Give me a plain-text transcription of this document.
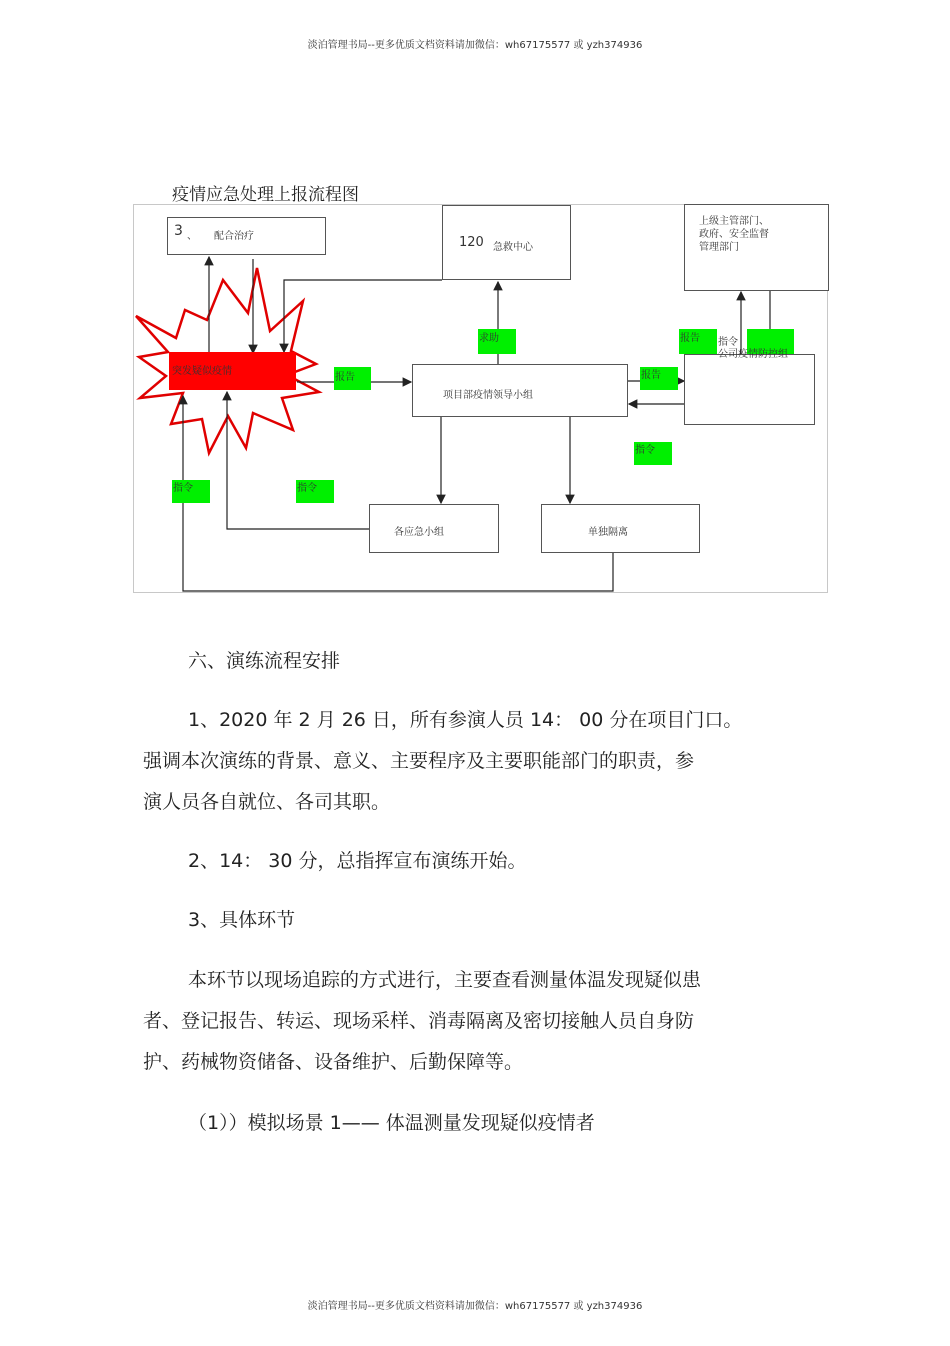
淡泊管理书局--更多优质文档资料请加微信：wh67175577 或 yzh374936
疫情应急处理上报流程图
3 、 配合治疗	120 急救中心
上级主管部门、
政府、安全监督
管理部门
突发疑似疫情
项目部疫情领导小组
各应急小组	单独隔离
求助
报告	报告
报告	指令
公司疫情防控组
指令
指令	指令
六、演练流程安排
1、2020 年 2 月 26 日，所有参演人员 14： 00 分在项目门口。
强调本次演练的背景、意义、主要程序及主要职能部门的职责，参
演人员各自就位、各司其职。
2、14： 30 分，总指挥宣布演练开始。
3、具体环节
本环节以现场追踪的方式进行，主要查看测量体温发现疑似患
者、登记报告、转运、现场采样、消毒隔离及密切接触人员自身防
护、药械物资储备、设备维护、后勤保障等。
（1））模拟场景 1—— 体温测量发现疑似疫情者
淡泊管理书局--更多优质文档资料请加微信：wh67175577 或 yzh374936
